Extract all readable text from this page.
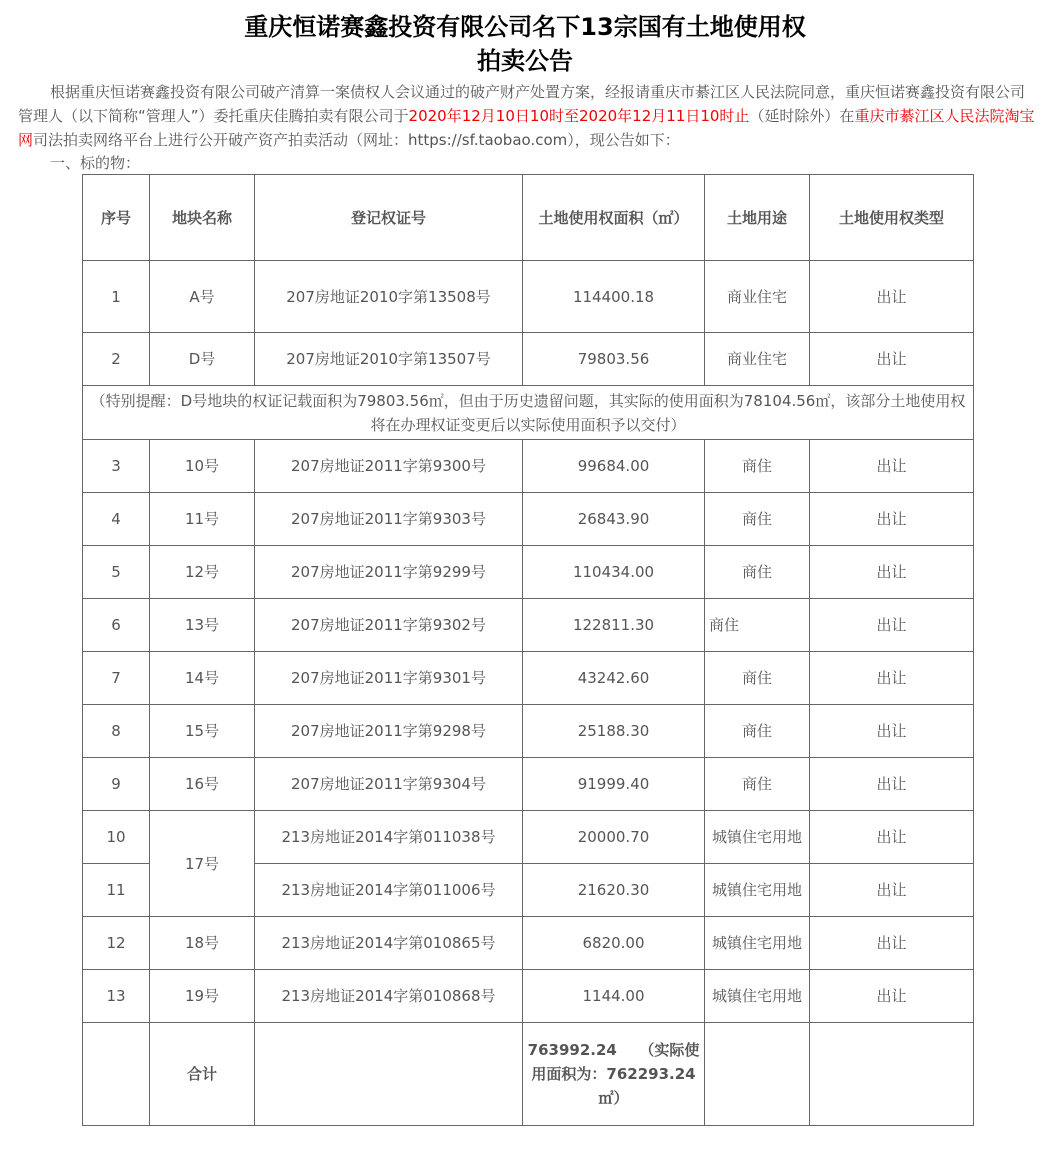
重庆恒诺赛鑫投资有限公司名下13宗国有土地使用权
拍卖公告

根据重庆恒诺赛鑫投资有限公司破产清算一案债权人会议通过的破产财产处置方案，经报请重庆市綦江区人民法院同意，重庆恒诺赛鑫投资有限公司管理人（以下简称“管理人”）委托重庆佳腾拍卖有限公司于2020年12月10日10时至2020年12月11日10时止（延时除外）在重庆市綦江区人民法院淘宝网司法拍卖网络平台上进行公开破产资产拍卖活动（网址：https://sf.taobao.com），现公告如下：

一、标的物：
序号	地块名称	登记权证号	土地使用权面积（㎡）	土地用途	土地使用权类型
1	A号	207房地证2010字第13508号	114400.18	商业住宅	出让
2	D号	207房地证2010字第13507号	79803.56	商业住宅	出让
（特别提醒：D号地块的权证记载面积为79803.56㎡，但由于历史遗留问题，其实际的使用面积为78104.56㎡，该部分土地使用权将在办理权证变更后以实际使用面积予以交付）					
3	10号	207房地证2011字第9300号	99684.00	商住	出让
4	11号	207房地证2011字第9303号	26843.90	商住	出让
5	12号	207房地证2011字第9299号	110434.00	商住	出让
6	13号	207房地证2011字第9302号	122811.30	商住	出让
7	14号	207房地证2011字第9301号	43242.60	商住	出让
8	15号	207房地证2011字第9298号	25188.30	商住	出让
9	16号	207房地证2011字第9304号	91999.40	商住	出让
10	17号	213房地证2014字第011038号	20000.70	城镇住宅用地	出让
11		213房地证2014字第011006号	21620.30	城镇住宅用地	出让
12	18号	213房地证2014字第010865号	6820.00	城镇住宅用地	出让
13	19号	213房地证2014字第010868号	1144.00	城镇住宅用地	出让
	合计		763992.24　　（实际使用面积为：762293.24㎡）		
